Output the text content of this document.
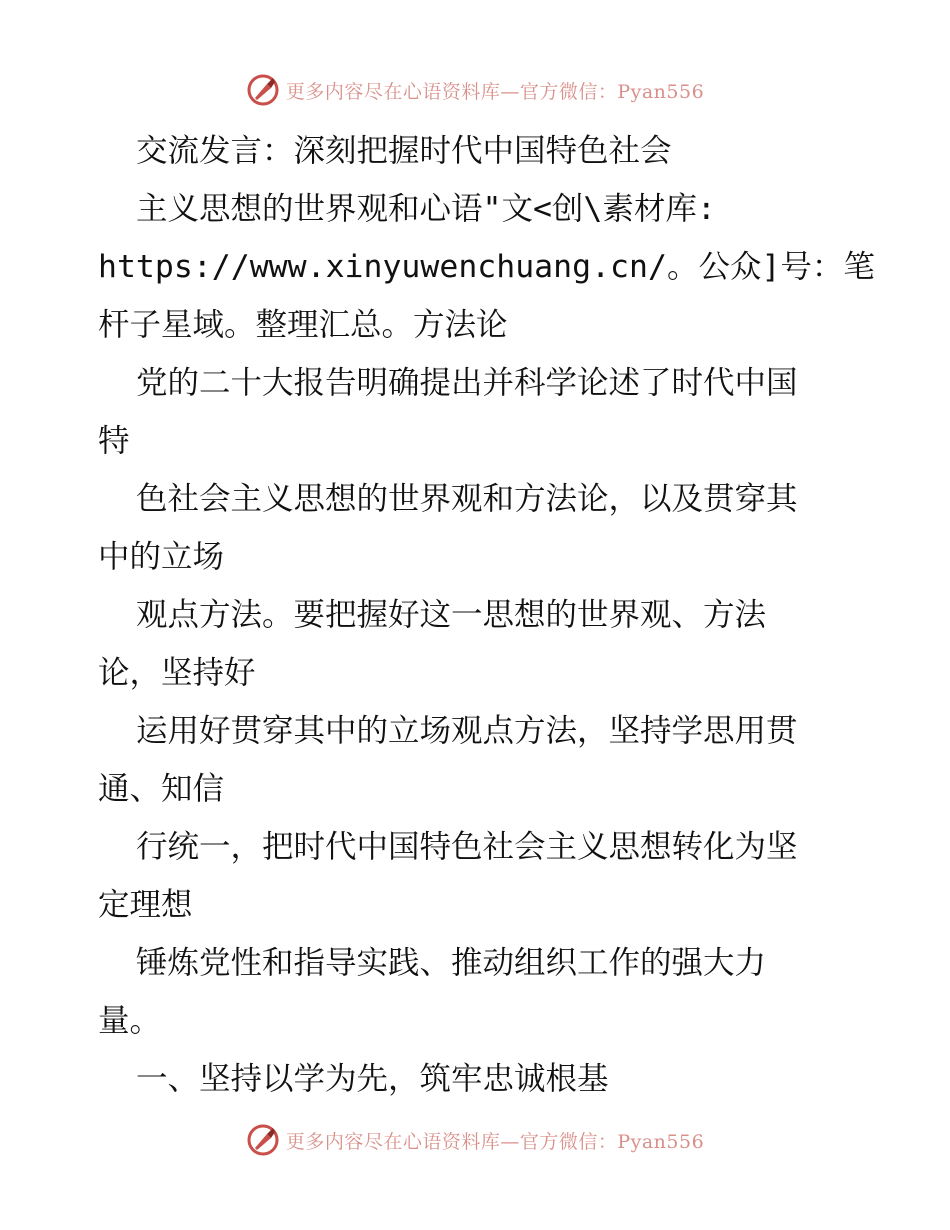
更多内容尽在心语资料库—官方微信：Pyan556
交流发言：深刻把握时代中国特色社会
主义思想的世界观和心语"文<创\素材库:
https://www.xinyuwenchuang.cn/。公众]号：笔
杆子星域。整理汇总。方法论
党的二十大报告明确提出并科学论述了时代中国
特
色社会主义思想的世界观和方法论，以及贯穿其
中的立场
观点方法。要把握好这一思想的世界观、方法
论，坚持好
运用好贯穿其中的立场观点方法，坚持学思用贯
通、知信
行统一，把时代中国特色社会主义思想转化为坚
定理想
锤炼党性和指导实践、推动组织工作的强大力
量。
一、坚持以学为先，筑牢忠诚根基
更多内容尽在心语资料库—官方微信：Pyan556
